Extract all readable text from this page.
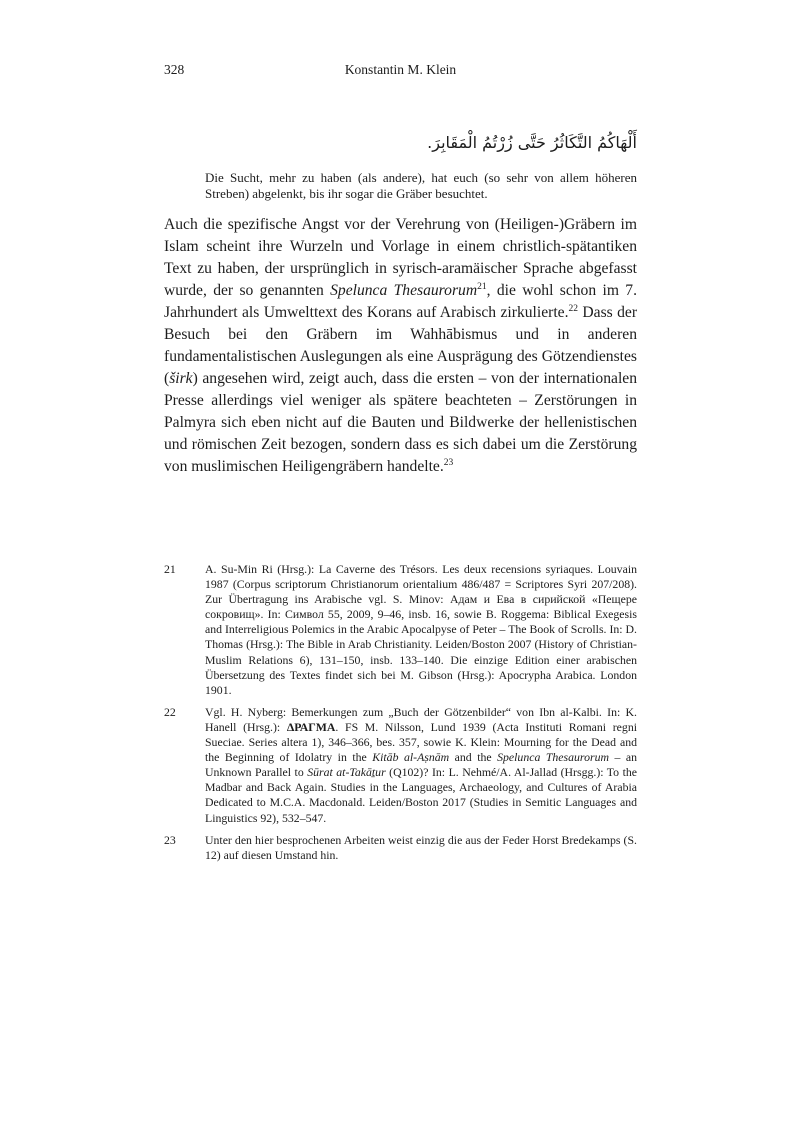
328	Konstantin M. Klein
أَلْهَاكُمُ التَّكَاثُرُ حَتَّى زُرْتُمُ الْمَقَابِرَ.
Die Sucht, mehr zu haben (als andere), hat euch (so sehr von allem höheren Streben) abgelenkt, bis ihr sogar die Gräber besuchtet.

Auch die spezifische Angst vor der Verehrung von (Heiligen-)Gräbern im Islam scheint ihre Wurzeln und Vorlage in einem christlich-spätantiken Text zu haben, der ursprünglich in syrisch-aramäischer Sprache abgefasst wurde, der so genannten Spelunca Thesaurorum$^{21}$, die wohl schon im 7. Jahrhundert als Umwelttext des Korans auf Arabisch zirkulierte.$^{22}$ Dass der Besuch bei den Gräbern im Wahhābismus und in anderen fundamentalistischen Auslegungen als eine Ausprägung des Götzendienstes (širk) angesehen wird, zeigt auch, dass die ersten – von der internationalen Presse allerdings viel weniger als spätere beachteten – Zerstörungen in Palmyra sich eben nicht auf die Bauten und Bildwerke der hellenistischen und römischen Zeit bezogen, sondern dass es sich dabei um die Zerstörung von muslimischen Heiligengräbern handelte.$^{23}$

21	A. Su-Min Ri (Hrsg.): La Caverne des Trésors. Les deux recensions syriaques. Louvain 1987 (Corpus scriptorum Christianorum orientalium 486/487 = Scriptores Syri 207/208). Zur Übertragung ins Arabische vgl. S. Minov: Адам и Ева в сирийской «Пещере сокровищ». In: Символ 55, 2009, 9–46, insb. 16, sowie B. Roggema: Biblical Exegesis and Interreligious Polemics in the Arabic Apocalpyse of Peter – The Book of Scrolls. In: D. Thomas (Hrsg.): The Bible in Arab Christianity. Leiden/Boston 2007 (History of Christian-Muslim Relations 6), 131–150, insb. 133–140. Die einzige Edition einer arabischen Übersetzung des Textes findet sich bei M. Gibson (Hrsg.): Apocrypha Arabica. London 1901.
22	Vgl. H. Nyberg: Bemerkungen zum „Buch der Götzenbilder“ von Ibn al-Kalbi. In: K. Hanell (Hrsg.): ΔΡΑΓΜΑ. FS M. Nilsson, Lund 1939 (Acta Instituti Romani regni Sueciae. Series altera 1), 346–366, bes. 357, sowie K. Klein: Mourning for the Dead and the Beginning of Idolatry in the Kitāb al-Aṣnām and the Spelunca Thesaurorum – an Unknown Parallel to Sūrat at-Takāṯur (Q102)? In: L. Nehmé/A. Al-Jallad (Hrsgg.): To the Madbar and Back Again. Studies in the Languages, Archaeology, and Cultures of Arabia Dedicated to M.C.A. Macdonald. Leiden/Boston 2017 (Studies in Semitic Languages and Linguistics 92), 532–547.
23	Unter den hier besprochenen Arbeiten weist einzig die aus der Feder Horst Bredekamps (S. 12) auf diesen Umstand hin.
